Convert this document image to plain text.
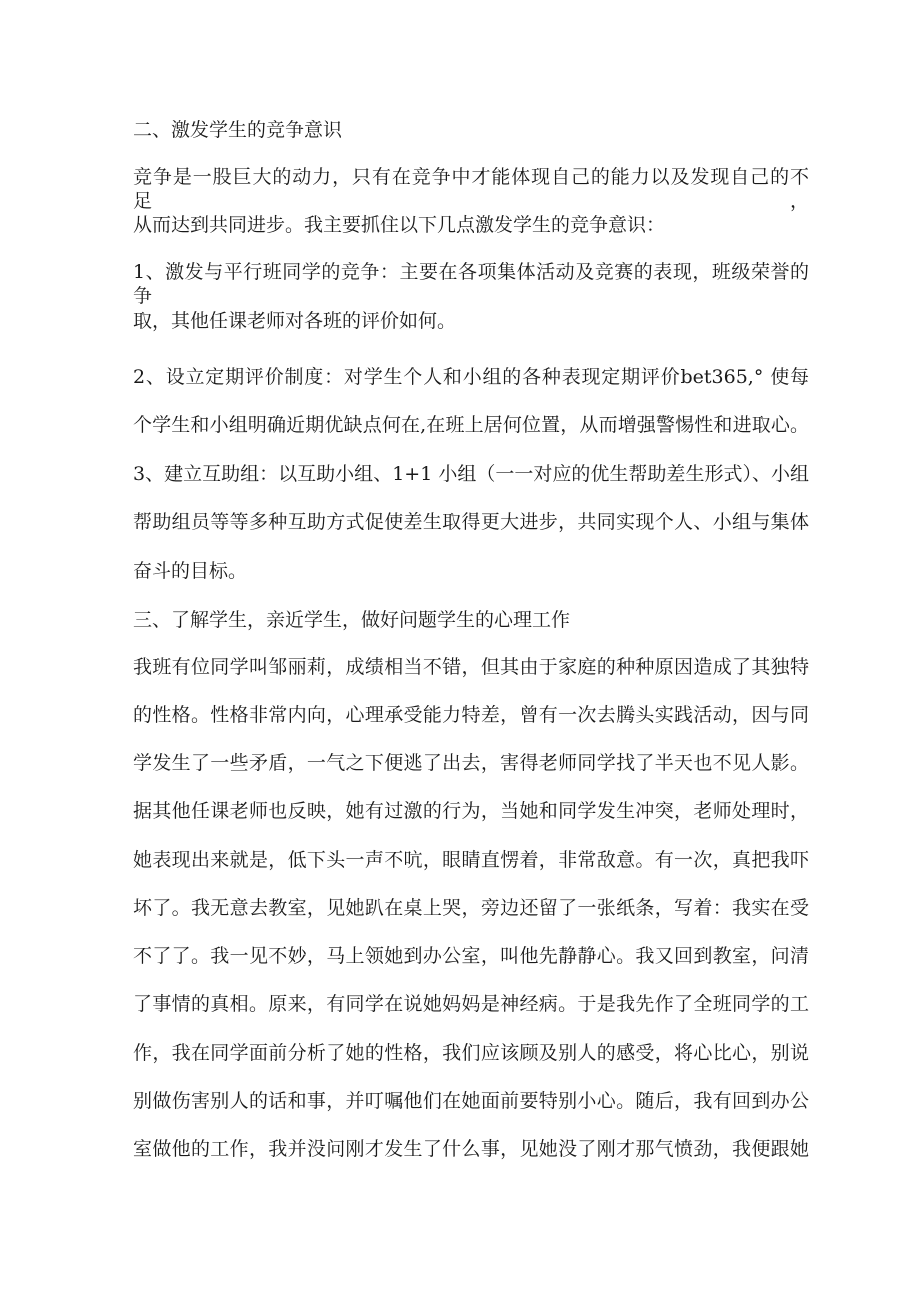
二、激发学生的竞争意识
竞争是一股巨大的动力，只有在竞争中才能体现自己的能力以及发现自己的不足，
从而达到共同进步。我主要抓住以下几点激发学生的竞争意识：
1、激发与平行班同学的竞争：主要在各项集体活动及竞赛的表现，班级荣誉的争
取，其他任课老师对各班的评价如何。
2、设立定期评价制度：对学生个人和小组的各种表现定期评价bet365,° 使每
个学生和小组明确近期优缺点何在,在班上居何位置，从而增强警惕性和进取心。
3、建立互助组：以互助小组、1+1 小组（一一对应的优生帮助差生形式）、小组
帮助组员等等多种互助方式促使差生取得更大进步，共同实现个人、小组与集体
奋斗的目标。
三、了解学生，亲近学生，做好问题学生的心理工作
我班有位同学叫邹丽莉，成绩相当不错，但其由于家庭的种种原因造成了其独特
的性格。性格非常内向，心理承受能力特差，曾有一次去腾头实践活动，因与同
学发生了一些矛盾，一气之下便逃了出去，害得老师同学找了半天也不见人影。
据其他任课老师也反映，她有过激的行为，当她和同学发生冲突，老师处理时，
她表现出来就是，低下头一声不吭，眼睛直愣着，非常敌意。有一次，真把我吓
坏了。我无意去教室，见她趴在桌上哭，旁边还留了一张纸条，写着：我实在受
不了了。我一见不妙，马上领她到办公室，叫他先静静心。我又回到教室，问清
了事情的真相。原来，有同学在说她妈妈是神经病。于是我先作了全班同学的工
作，我在同学面前分析了她的性格，我们应该顾及别人的感受，将心比心，别说
别做伤害别人的话和事，并叮嘱他们在她面前要特别小心。随后，我有回到办公
室做他的工作，我并没问刚才发生了什么事，见她没了刚才那气愤劲，我便跟她
